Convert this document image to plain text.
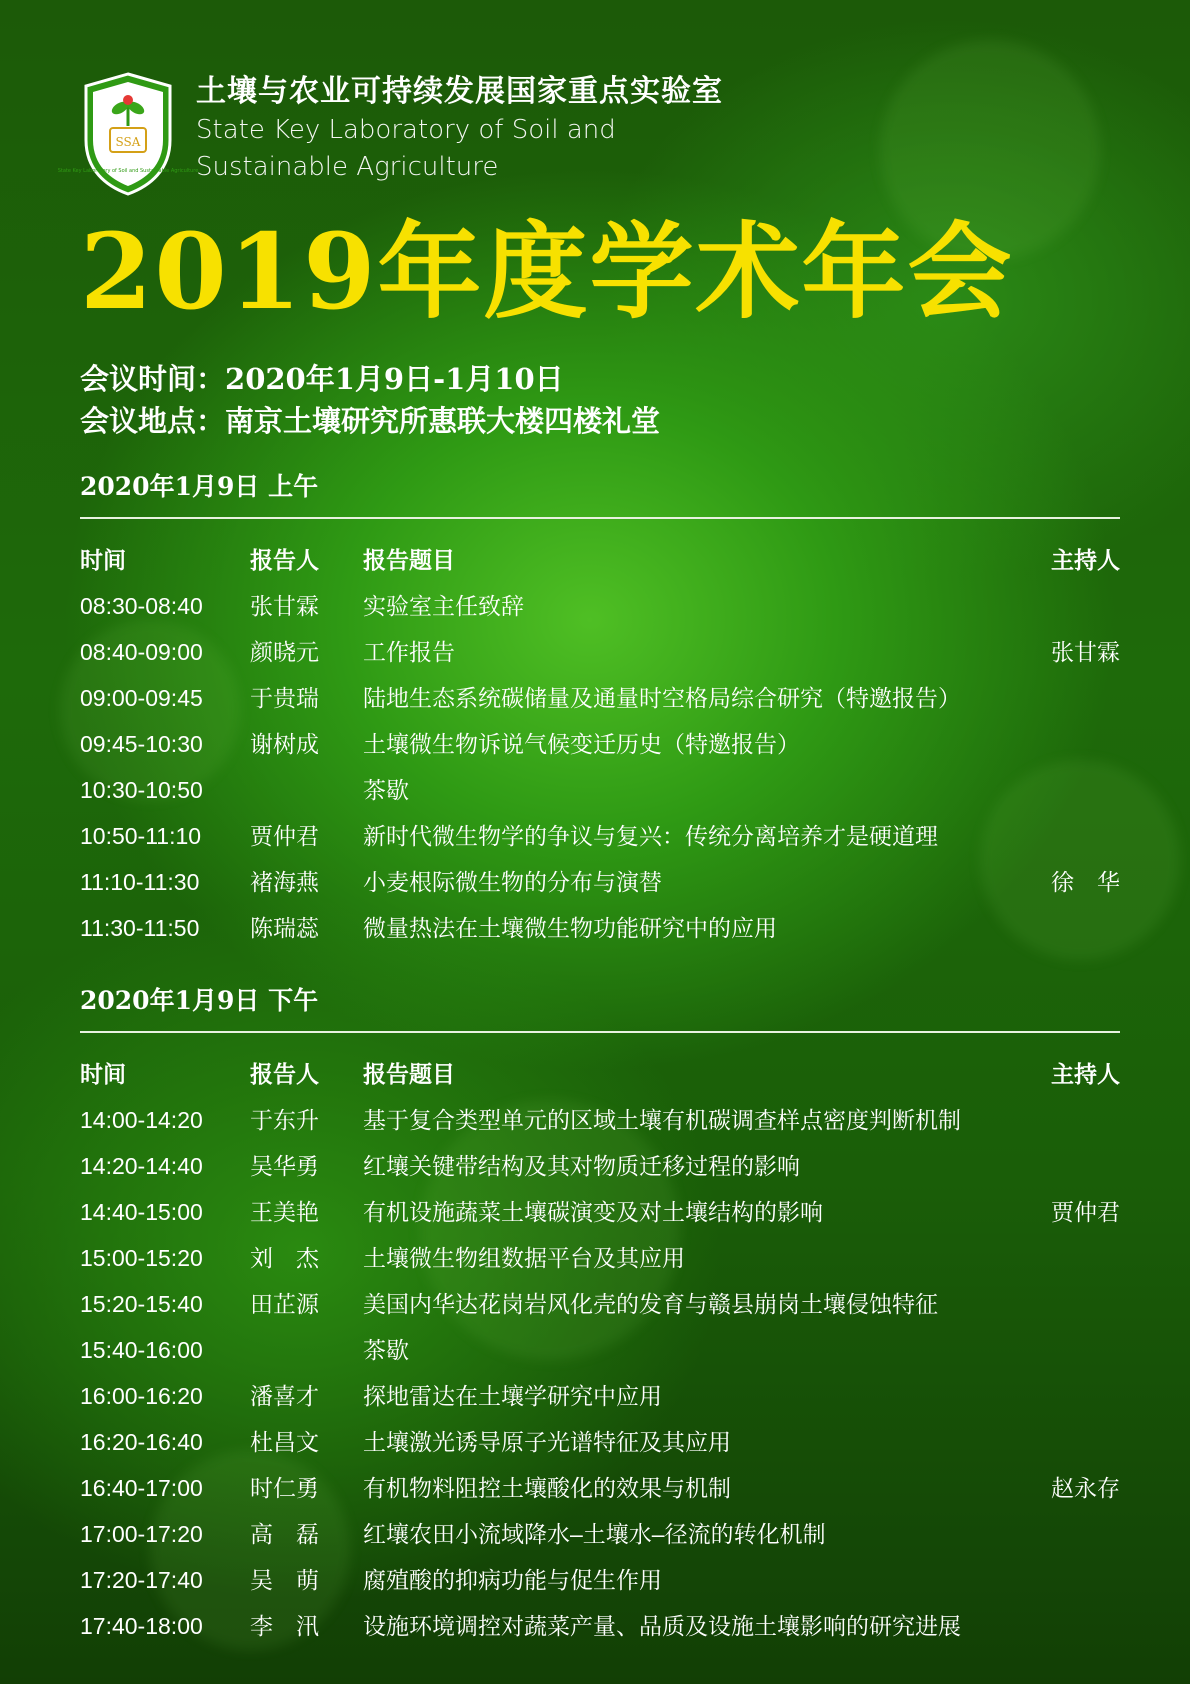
SSA
State Key Laboratory of Soil and Sustainable Agriculture
土壤与农业可持续发展国家重点实验室
State Key Laboratory of Soil and
Sustainable Agriculture
2019年度学术年会
会议时间：2020年1月9日-1月10日
会议地点：南京土壤研究所惠联大楼四楼礼堂
2020年1月9日 上午
时间	报告人 报告题目	主持人
08:30-08:40 张甘霖 实验室主任致辞
08:40-09:00 颜晓元 工作报告	张甘霖
09:00-09:45 于贵瑞 陆地生态系统碳储量及通量时空格局综合研究（特邀报告）
09:45-10:30 谢树成 土壤微生物诉说气候变迁历史（特邀报告）
10:30-10:50	茶歇
10:50-11:10 贾仲君 新时代微生物学的争议与复兴：传统分离培养才是硬道理
11:10-11:30 褚海燕 小麦根际微生物的分布与演替	徐　华
11:30-11:50 陈瑞蕊 微量热法在土壤微生物功能研究中的应用
2020年1月9日 下午
时间	报告人 报告题目	主持人
14:00-14:20 于东升 基于复合类型单元的区域土壤有机碳调查样点密度判断机制
14:20-14:40 吴华勇 红壤关键带结构及其对物质迁移过程的影响
14:40-15:00 王美艳 有机设施蔬菜土壤碳演变及对土壤结构的影响	贾仲君
15:00-15:20 刘　杰 土壤微生物组数据平台及其应用
15:20-15:40 田芷源 美国内华达花岗岩风化壳的发育与赣县崩岗土壤侵蚀特征
15:40-16:00	茶歇
16:00-16:20 潘喜才 探地雷达在土壤学研究中应用
16:20-16:40 杜昌文 土壤激光诱导原子光谱特征及其应用
16:40-17:00 时仁勇 有机物料阻控土壤酸化的效果与机制	赵永存
17:00-17:20 高　磊 红壤农田小流域降水–土壤水–径流的转化机制
17:20-17:40 吴　萌 腐殖酸的抑病功能与促生作用
17:40-18:00 李　汛 设施环境调控对蔬菜产量、品质及设施土壤影响的研究进展
